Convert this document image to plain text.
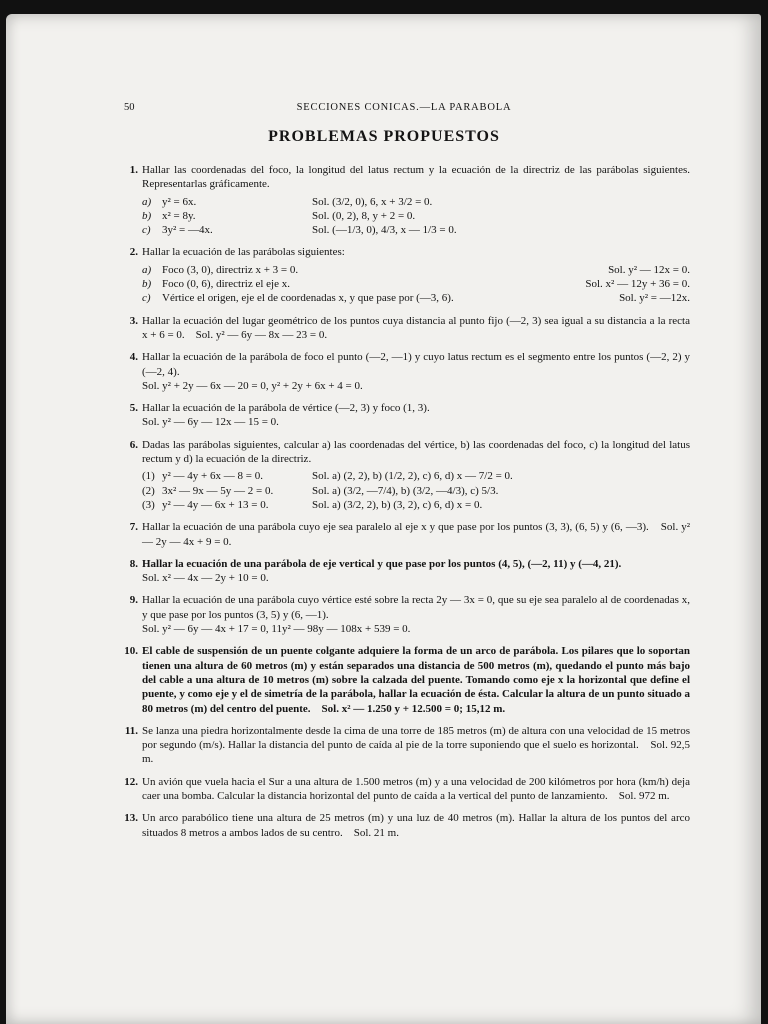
50	SECCIONES CONICAS.—LA PARABOLA
PROBLEMAS PROPUESTOS
1. Hallar las coordenadas del foco, la longitud del latus rectum y la ecuación de la directriz de las parábolas siguientes. Representarlas gráficamente.
a) y² = 6x.	Sol. (3/2, 0), 6, x + 3/2 = 0.
b) x² = 8y.	Sol. (0, 2), 8, y + 2 = 0.
c)	3y² = —4x.	Sol. (—1/3, 0), 4/3, x — 1/3 = 0.
2. Hallar la ecuación de las parábolas siguientes:
a) Foco (3, 0), directriz x + 3 = 0.	Sol. y² — 12x = 0.
b) Foco (0, 6), directriz el eje x.	Sol. x² — 12y + 36 = 0.
c)	Vértice el origen, eje el de coordenadas x, y que pase por (—3, 6).	Sol. y² = —12x.
3. Hallar la ecuación del lugar geométrico de los puntos cuya distancia al punto fijo (—2, 3) sea igual a su distancia a la recta x + 6 = 0. Sol. y² — 6y — 8x — 23 = 0.
4. Hallar la ecuación de la parábola de foco el punto (—2, —1) y cuyo latus rectum es el segmento entre los puntos (—2, 2) y (—2, 4).
Sol. y² + 2y — 6x — 20 = 0, y² + 2y + 6x + 4 = 0.
5. Hallar la ecuación de la parábola de vértice (—2, 3) y foco (1, 3).
Sol. y² — 6y — 12x — 15 = 0.
6. Dadas las parábolas siguientes, calcular a) las coordenadas del vértice, b) las coordenadas del foco, c) la longitud del latus rectum y d) la ecuación de la directriz.
(1) y² — 4y + 6x — 8 = 0.	Sol. a) (2, 2), b) (1/2, 2), c) 6, d) x — 7/2 = 0.
(2) 3x² — 9x — 5y — 2 = 0.	Sol. a) (3/2, —7/4), b) (3/2, —4/3), c) 5/3.
(3) y² — 4y — 6x + 13 = 0.	Sol. a) (3/2, 2), b) (3, 2), c) 6, d) x = 0.
7. Hallar la ecuación de una parábola cuyo eje sea paralelo al eje x y que pase por los puntos (3, 3), (6, 5) y (6, —3). Sol. y² — 2y — 4x + 9 = 0.
8. Hallar la ecuación de una parábola de eje vertical y que pase por los puntos (4, 5), (—2, 11) y (—4, 21).
Sol. x² — 4x — 2y + 10 = 0.
9. Hallar la ecuación de una parábola cuyo vértice esté sobre la recta 2y — 3x = 0, que su eje sea paralelo al de coordenadas x, y que pase por los puntos (3, 5) y (6, —1).
Sol. y² — 6y — 4x + 17 = 0, 11y² — 98y — 108x + 539 = 0.
10. El cable de suspensión de un puente colgante adquiere la forma de un arco de parábola. Los pilares que lo soportan tienen una altura de 60 metros (m) y están separados una distancia de 500 metros (m), quedando el punto más bajo del cable a una altura de 10 metros (m) sobre la calzada del puente. Tomando como eje x la horizontal que define el puente, y como eje y el de simetría de la parábola, hallar la ecuación de ésta. Calcular la altura de un punto situado a 80 metros (m) del centro del puente. Sol. x² — 1.250 y + 12.500 = 0; 15,12 m.
11. Se lanza una piedra horizontalmente desde la cima de una torre de 185 metros (m) de altura con una velocidad de 15 metros por segundo (m/s). Hallar la distancia del punto de caída al pie de la torre suponiendo que el suelo es horizontal. Sol. 92,5 m.
12. Un avión que vuela hacia el Sur a una altura de 1.500 metros (m) y a una velocidad de 200 kilómetros por hora (km/h) deja caer una bomba. Calcular la distancia horizontal del punto de caída a la vertical del punto de lanzamiento. Sol. 972 m.
13. Un arco parabólico tiene una altura de 25 metros (m) y una luz de 40 metros (m). Hallar la altura de los puntos del arco situados 8 metros a ambos lados de su centro. Sol. 21 m.
